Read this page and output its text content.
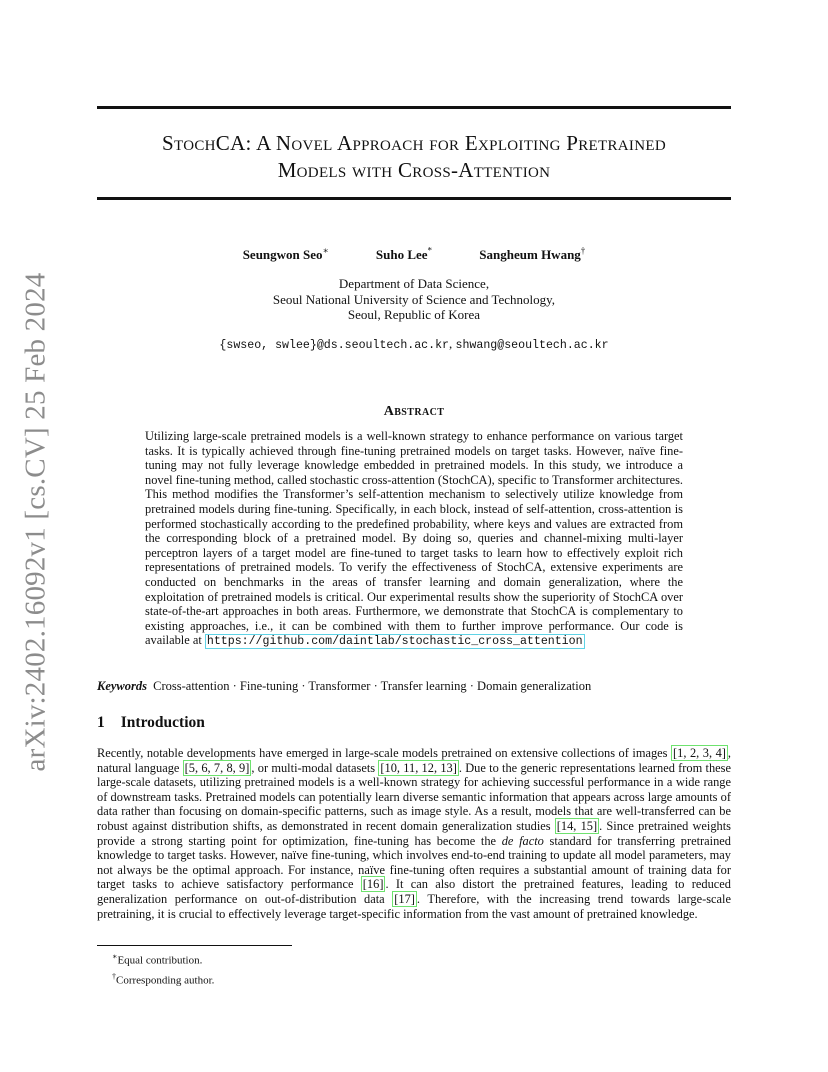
arXiv:2402.16092v1 [cs.CV] 25 Feb 2024
StochCA: A Novel Approach for Exploiting Pretrained
Models with Cross-Attention
Seungwon Seo∗	Suho Lee*	Sangheum Hwang†
Department of Data Science,
Seoul National University of Science and Technology,
Seoul, Republic of Korea
{swseo, swlee}@ds.seoultech.ac.kr, shwang@seoultech.ac.kr
Abstract
Utilizing large-scale pretrained models is a well-known strategy to enhance performance on various target tasks. It is typically achieved through fine-tuning pretrained models on target tasks. However, naïve fine-tuning may not fully leverage knowledge embedded in pretrained models. In this study, we introduce a novel fine-tuning method, called stochastic cross-attention (StochCA), specific to Transformer architectures. This method modifies the Transformer’s self-attention mechanism to selectively utilize knowledge from pretrained models during fine-tuning. Specifically, in each block, instead of self-attention, cross-attention is performed stochastically according to the predefined probability, where keys and values are extracted from the corresponding block of a pretrained model. By doing so, queries and channel-mixing multi-layer perceptron layers of a target model are fine-tuned to target tasks to learn how to effectively exploit rich representations of pretrained models. To verify the effectiveness of StochCA, extensive experiments are conducted on benchmarks in the areas of transfer learning and domain generalization, where the exploitation of pretrained models is critical. Our experimental results show the superiority of StochCA over state-of-the-art approaches in both areas. Furthermore, we demonstrate that StochCA is complementary to existing approaches, i.e., it can be combined with them to further improve performance. Our code is available at https://github.com/daintlab/stochastic_cross_attention
Keywords Cross-attention · Fine-tuning · Transformer · Transfer learning · Domain generalization
1 Introduction
Recently, notable developments have emerged in large-scale models pretrained on extensive collections of images [1, 2, 3, 4] , natural language [5, 6, 7, 8, 9] , or multi-modal datasets [10, 11, 12, 13] . Due to the generic representations learned from these large-scale datasets, utilizing pretrained models is a well-known strategy for achieving successful performance in a wide range of downstream tasks. Pretrained models can potentially learn diverse semantic information that appears across large amounts of data rather than focusing on domain-specific patterns, such as image style. As a result, models that are well-transferred can be robust against distribution shifts, as demonstrated in recent domain generalization studies [14, 15] . Since pretrained weights provide a strong starting point for optimization, fine-tuning has become the de facto standard for transferring pretrained knowledge to target tasks. However, naïve fine-tuning, which involves end-to-end training to update all model parameters, may not always be the optimal approach. For instance, naïve fine-tuning often requires a substantial amount of training data for target tasks to achieve satisfactory performance [16] . It can also distort the pretrained features, leading to reduced generalization performance on out-of-distribution data [17] . Therefore, with the increasing trend towards large-scale pretraining, it is crucial to effectively leverage target-specific information from the vast amount of pretrained knowledge.
∗Equal contribution.
†Corresponding author.
